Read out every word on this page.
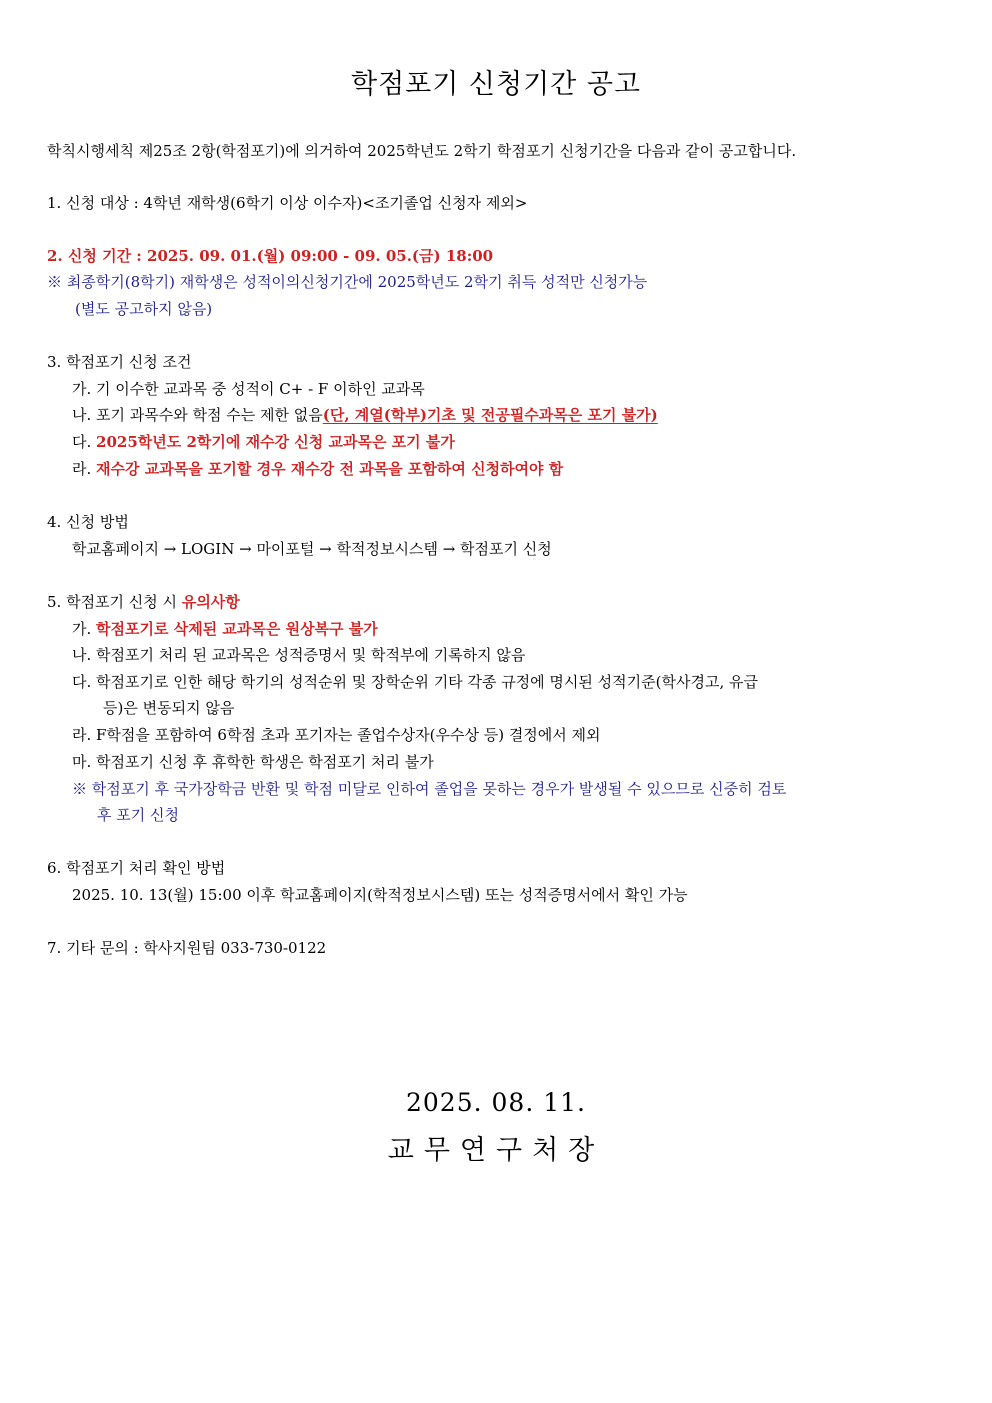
학점포기 신청기간 공고
학칙시행세칙 제25조 2항(학점포기)에 의거하여 2025학년도 2학기 학점포기 신청기간을 다음과 같이 공고합니다.
1. 신청 대상 : 4학년 재학생(6학기 이상 이수자)<조기졸업 신청자 제외>
2. 신청 기간 : 2025. 09. 01.(월) 09:00 - 09. 05.(금) 18:00
※ 최종학기(8학기) 재학생은 성적이의신청기간에 2025학년도 2학기 취득 성적만 신청가능
(별도 공고하지 않음)
3. 학점포기 신청 조건
가. 기 이수한 교과목 중 성적이 C+ - F 이하인 교과목
나. 포기 과목수와 학점 수는 제한 없음(단, 계열(학부)기초 및 전공필수과목은 포기 불가)
다. 2025학년도 2학기에 재수강 신청 교과목은 포기 불가
라. 재수강 교과목을 포기할 경우 재수강 전 과목을 포함하여 신청하여야 함
4. 신청 방법
학교홈페이지 → LOGIN → 마이포털 → 학적정보시스템 → 학점포기 신청
5. 학점포기 신청 시 유의사항
가. 학점포기로 삭제된 교과목은 원상복구 불가
나. 학점포기 처리 된 교과목은 성적증명서 및 학적부에 기록하지 않음
다. 학점포기로 인한 해당 학기의 성적순위 및 장학순위 기타 각종 규정에 명시된 성적기준(학사경고, 유급
등)은 변동되지 않음
라. F학점을 포함하여 6학점 초과 포기자는 졸업수상자(우수상 등) 결정에서 제외
마. 학점포기 신청 후 휴학한 학생은 학점포기 처리 불가
※ 학점포기 후 국가장학금 반환 및 학점 미달로 인하여 졸업을 못하는 경우가 발생될 수 있으므로 신중히 검토
후 포기 신청
6. 학점포기 처리 확인 방법
2025. 10. 13(월) 15:00 이후 학교홈페이지(학적정보시스템) 또는 성적증명서에서 확인 가능
7. 기타 문의 : 학사지원팀 033-730-0122
2025. 08. 11.
교무연구처장
